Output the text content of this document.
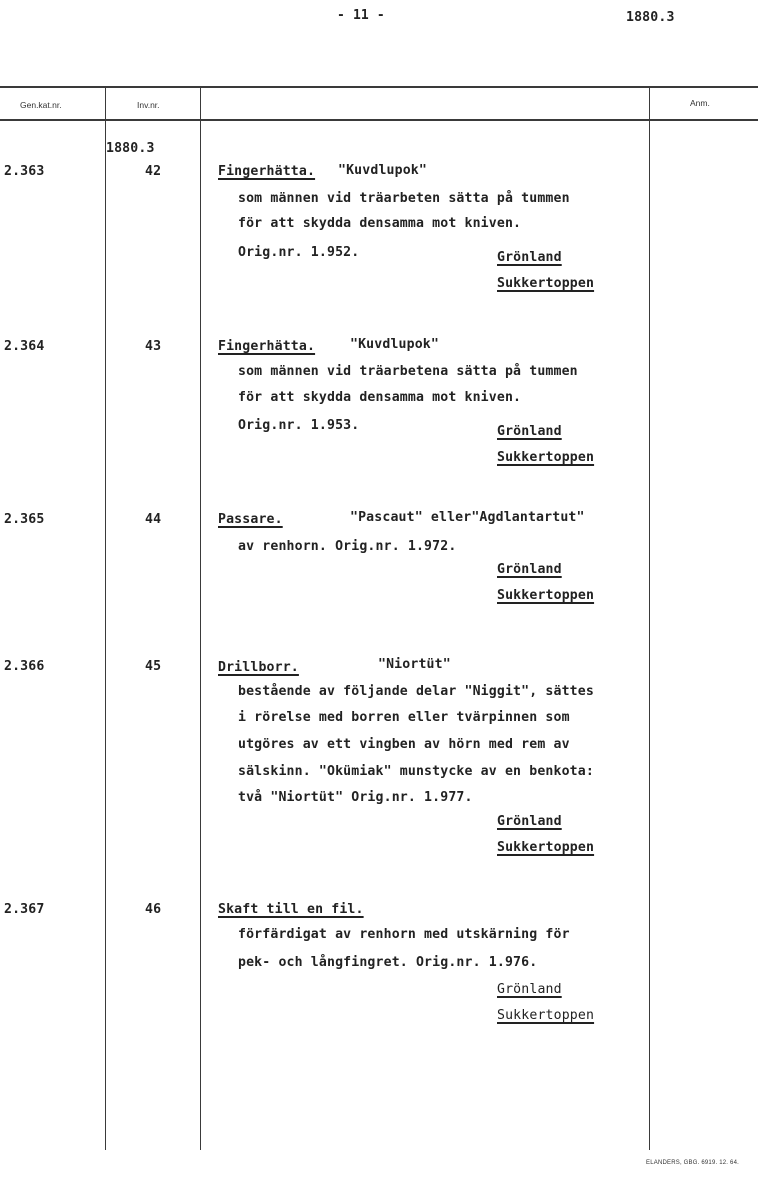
- 11 -	1880.3
Gen.kat.nr.	Inv.nr.	Anm.
1880.3
2.363	42	Fingerhätta. "Kuvdlupok"
som männen vid träarbeten sätta på tummen
för att skydda densamma mot kniven.
Orig.nr. 1.952.	Grönland
Sukkertoppen
2.364	43	Fingerhätta.	"Kuvdlupok"
som männen vid träarbetena sätta på tummen
för att skydda densamma mot kniven.
Orig.nr. 1.953.	Grönland
Sukkertoppen
2.365	44	Passare.	"Pascaut" eller"Agdlantartut"
av renhorn. Orig.nr. 1.972.
Grönland
Sukkertoppen
2.366	45	Drillborr.	"Niortüt"
bestående av följande delar "Niggit", sättes
i rörelse med borren eller tvärpinnen som
utgöres av ett vingben av hörn med rem av
sälskinn. "Okümiak" munstycke av en benkota:
två "Niortüt" Orig.nr. 1.977.
Grönland
Sukkertoppen
2.367	46	Skaft till en fil.
förfärdigat av renhorn med utskärning för
pek- och långfingret. Orig.nr. 1.976.
Grönland
Sukkertoppen
ELANDERS, GBG. 6919. 12. 64.
